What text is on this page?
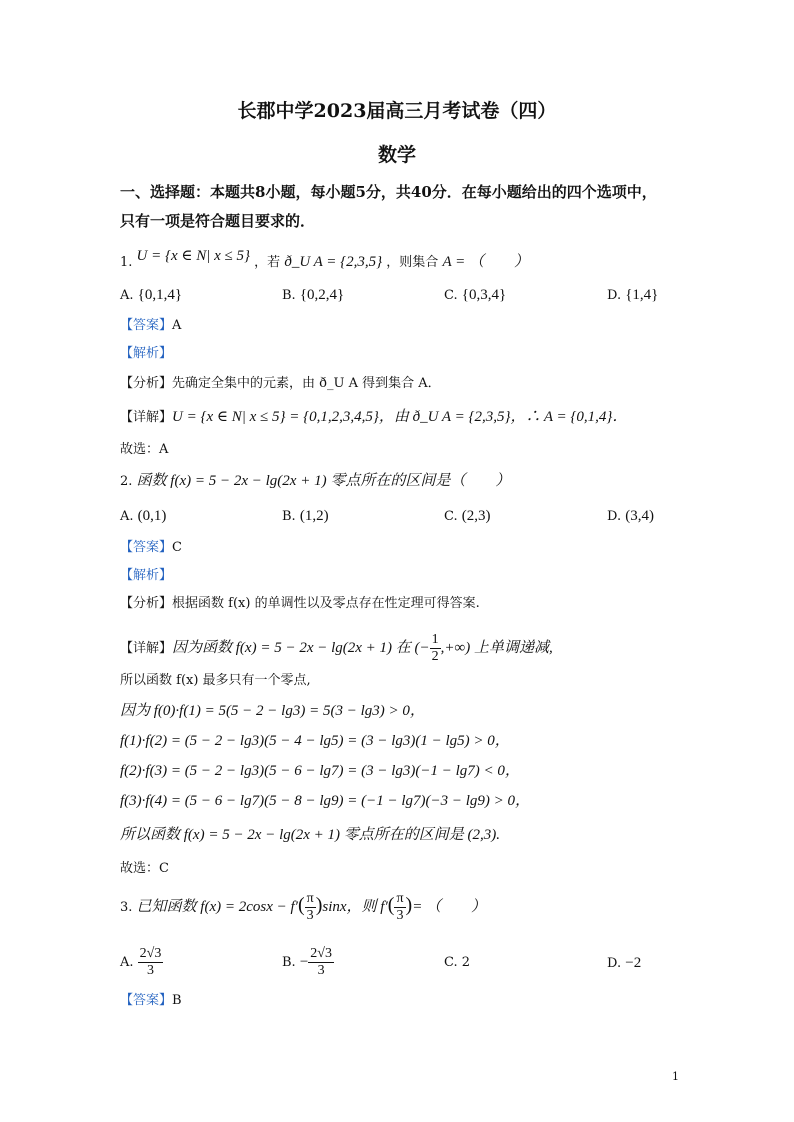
长郡中学2023届高三月考试卷（四）
数学
一、选择题：本题共8小题，每小题5分，共40分．在每小题给出的四个选项中，
只有一项是符合题目要求的．
1. U = {x ∈ N| x ≤ 5} ，若 ð_U A = {2,3,5} ，则集合 A = （　　）
A. {0,1,4}	B. {0,2,4}	C. {0,3,4}	D. {1,4}
【答案】A
【解析】
【分析】先确定全集中的元素，由 ð_U A 得到集合 A．
【详解】U = {x ∈ N| x ≤ 5} = {0,1,2,3,4,5}，由 ð_U A = {2,3,5}，∴ A = {0,1,4}．
故选：A
2. 函数 f(x) = 5 − 2x − lg(2x + 1) 零点所在的区间是（　　）
A. (0,1)	B. (1,2)	C. (2,3)	D. (3,4)
【答案】C
【解析】
【分析】根据函数 f(x) 的单调性以及零点存在性定理可得答案.
【详解】因为函数 f(x) = 5 − 2x − lg(2x + 1) 在 (− $\frac{1}{2}$ ,+∞) 上单调递减,
所以函数 f(x) 最多只有一个零点,
因为 f(0)·f(1) = 5(5 − 2 − lg3) = 5(3 − lg3) > 0，
f(1)·f(2) = (5 − 2 − lg3)(5 − 4 − lg5) = (3 − lg3)(1 − lg5) > 0，
f(2)·f(3) = (5 − 2 − lg3)(5 − 6 − lg7) = (3 − lg3)(−1 − lg7) < 0，
f(3)·f(4) = (5 − 6 − lg7)(5 − 8 − lg9) = (−1 − lg7)(−3 − lg9) > 0，
所以函数 f(x) = 5 − 2x − lg(2x + 1) 零点所在的区间是 (2,3).
故选：C
3. 已知函数 $f(x) = 2\cos x - f'( \frac{\pi}{3} )\sin x$，则 $f'( \frac{\pi}{3}$ )= （　　）
A. $\frac{2√3}{3}$	B. − $\frac{2√3}{3}$	C. 2	D. −2
【答案】B
1
